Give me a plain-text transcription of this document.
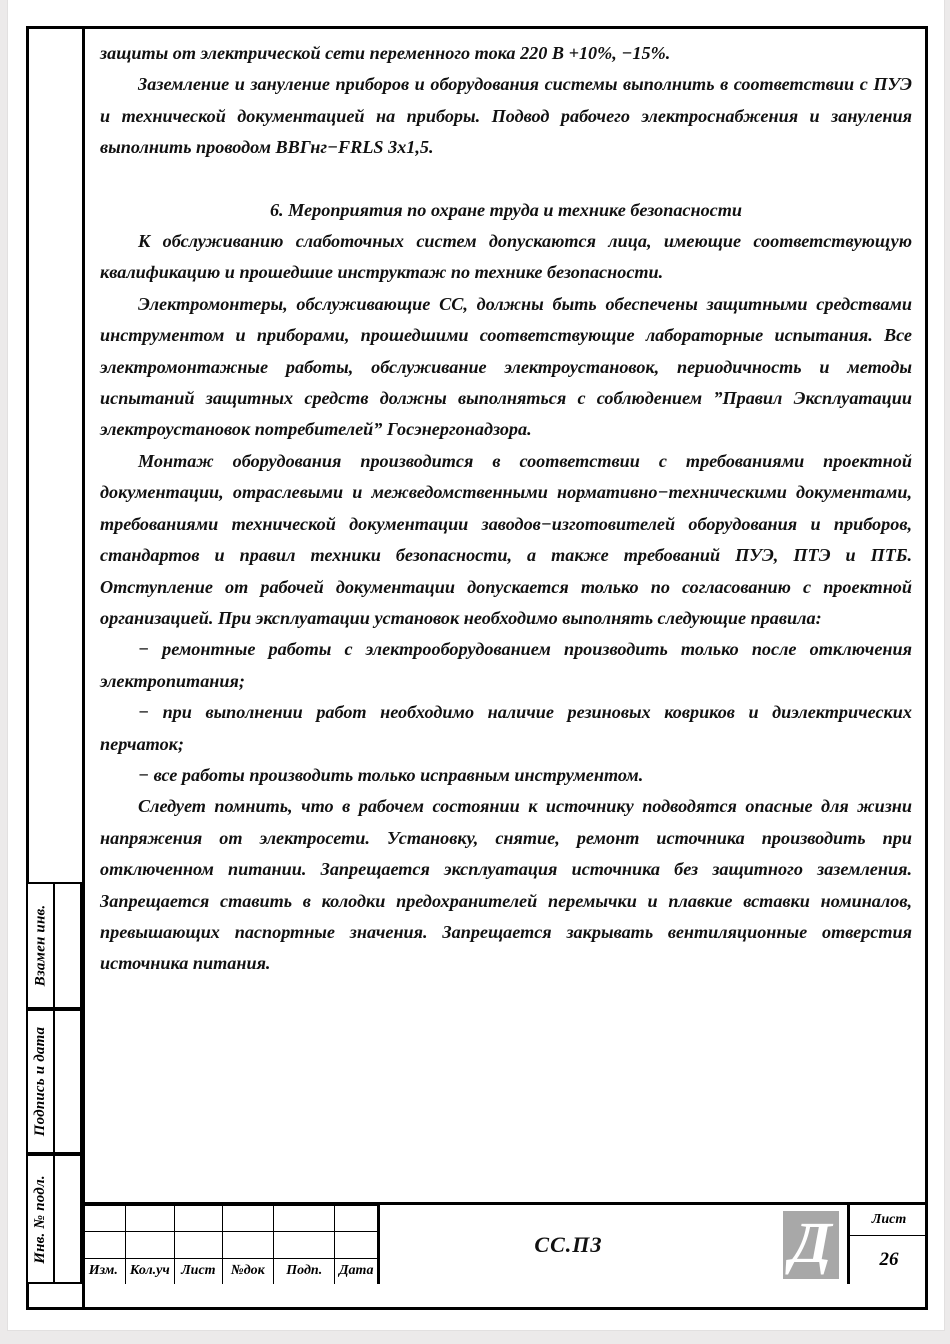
Взамен инв.
Подпись и дата
Инв. № подл.

защиты от электрической сети переменного тока 220 В +10%, −15%.

Заземление и зануление приборов и оборудования системы выполнить в соответствии с ПУЭ и технической документацией на приборы. Подвод рабочего электроснабжения и зануления выполнить проводом ВВГнг−FRLS 3х1,5.

6. Мероприятия по охране труда и технике безопасности

К обслуживанию слаботочных систем допускаются лица, имеющие соответствующую квалификацию и прошедшие инструктаж по технике безопасности.

Электромонтеры, обслуживающие СС, должны быть обеспечены защитными средствами инструментом и приборами, прошедшими соответствующие лабораторные испытания. Все электромонтажные работы, обслуживание электроустановок, периодичность и методы испытаний защитных средств должны выполняться с соблюдением ”Правил Эксплуатации электроустановок потребителей” Госэнергонадзора.

Монтаж оборудования производится в соответствии с требованиями проектной документации, отраслевыми и межведомственными нормативно−техническими документами, требованиями технической документации заводов−изготовителей оборудования и приборов, стандартов и правил техники безопасности, а также требований ПУЭ, ПТЭ и ПТБ. Отступление от рабочей документации допускается только по согласованию с проектной организацией. При эксплуатации установок необходимо выполнять следующие правила:

− ремонтные работы с электрооборудованием производить только после отключения электропитания;

− при выполнении работ необходимо наличие резиновых ковриков и диэлектрических перчаток;

− все работы производить только исправным инструментом.

Следует помнить, что в рабочем состоянии к источнику подводятся опасные для жизни напряжения от электросети. Установку, снятие, ремонт источника производить при отключенном питании. Запрещается эксплуатация источника без защитного заземления. Запрещается ставить в колодки предохранителей перемычки и плавкие вставки номиналов, превышающих паспортные значения. Запрещается закрывать вентиляционные отверстия источника питания.

Изм. Кол.уч Лист	№док	Подп.	Дата
СС.ПЗ	Д	Лист
26
